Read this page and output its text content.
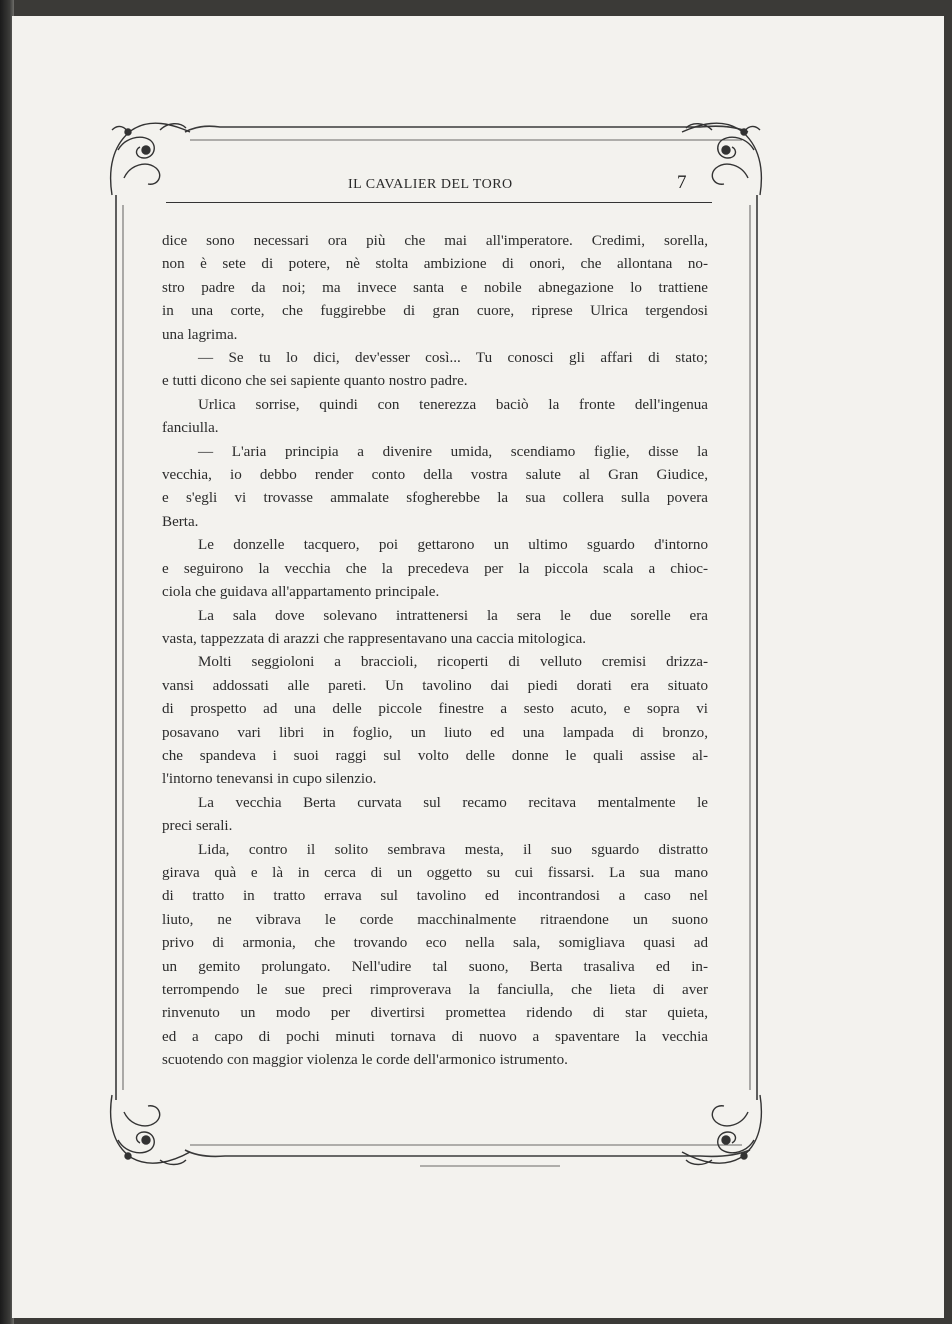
IL CAVALIER DEL TORO	7
dice sono necessari ora più che mai all'imperatore. Credimi, sorella,
non è sete di potere, nè stolta ambizione di onori, che allontana no-
stro padre da noi; ma invece santa e nobile abnegazione lo trattiene
in una corte, che fuggirebbe di gran cuore, riprese Ulrica tergendosi
una lagrima.
— Se tu lo dici, dev'esser così... Tu conosci gli affari di stato;
e tutti dicono che sei sapiente quanto nostro padre.
Urlica sorrise, quindi con tenerezza baciò la fronte dell'ingenua
fanciulla.
— L'aria principia a divenire umida, scendiamo figlie, disse la
vecchia, io debbo render conto della vostra salute al Gran Giudice,
e s'egli vi trovasse ammalate sfogherebbe la sua collera sulla povera
Berta.
Le donzelle tacquero, poi gettarono un ultimo sguardo d'intorno
e seguirono la vecchia che la precedeva per la piccola scala a chioc-
ciola che guidava all'appartamento principale.
La sala dove solevano intrattenersi la sera le due sorelle era
vasta, tappezzata di arazzi che rappresentavano una caccia mitologica.
Molti seggioloni a braccioli, ricoperti di velluto cremisi drizza-
vansi addossati alle pareti. Un tavolino dai piedi dorati era situato
di prospetto ad una delle piccole finestre a sesto acuto, e sopra vi
posavano vari libri in foglio, un liuto ed una lampada di bronzo,
che spandeva i suoi raggi sul volto delle donne le quali assise al-
l'intorno tenevansi in cupo silenzio.
La vecchia Berta curvata sul recamo recitava mentalmente le
preci serali.
Lida, contro il solito sembrava mesta, il suo sguardo distratto
girava quà e là in cerca di un oggetto su cui fissarsi. La sua mano
di tratto in tratto errava sul tavolino ed incontrandosi a caso nel
liuto, ne vibrava le corde macchinalmente ritraendone un suono
privo di armonia, che trovando eco nella sala, somigliava quasi ad
un gemito prolungato. Nell'udire tal suono, Berta trasaliva ed in-
terrompendo le sue preci rimproverava la fanciulla, che lieta di aver
rinvenuto un modo per divertirsi promettea ridendo di star quieta,
ed a capo di pochi minuti tornava di nuovo a spaventare la vecchia
scuotendo con maggior violenza le corde dell'armonico istrumento.
